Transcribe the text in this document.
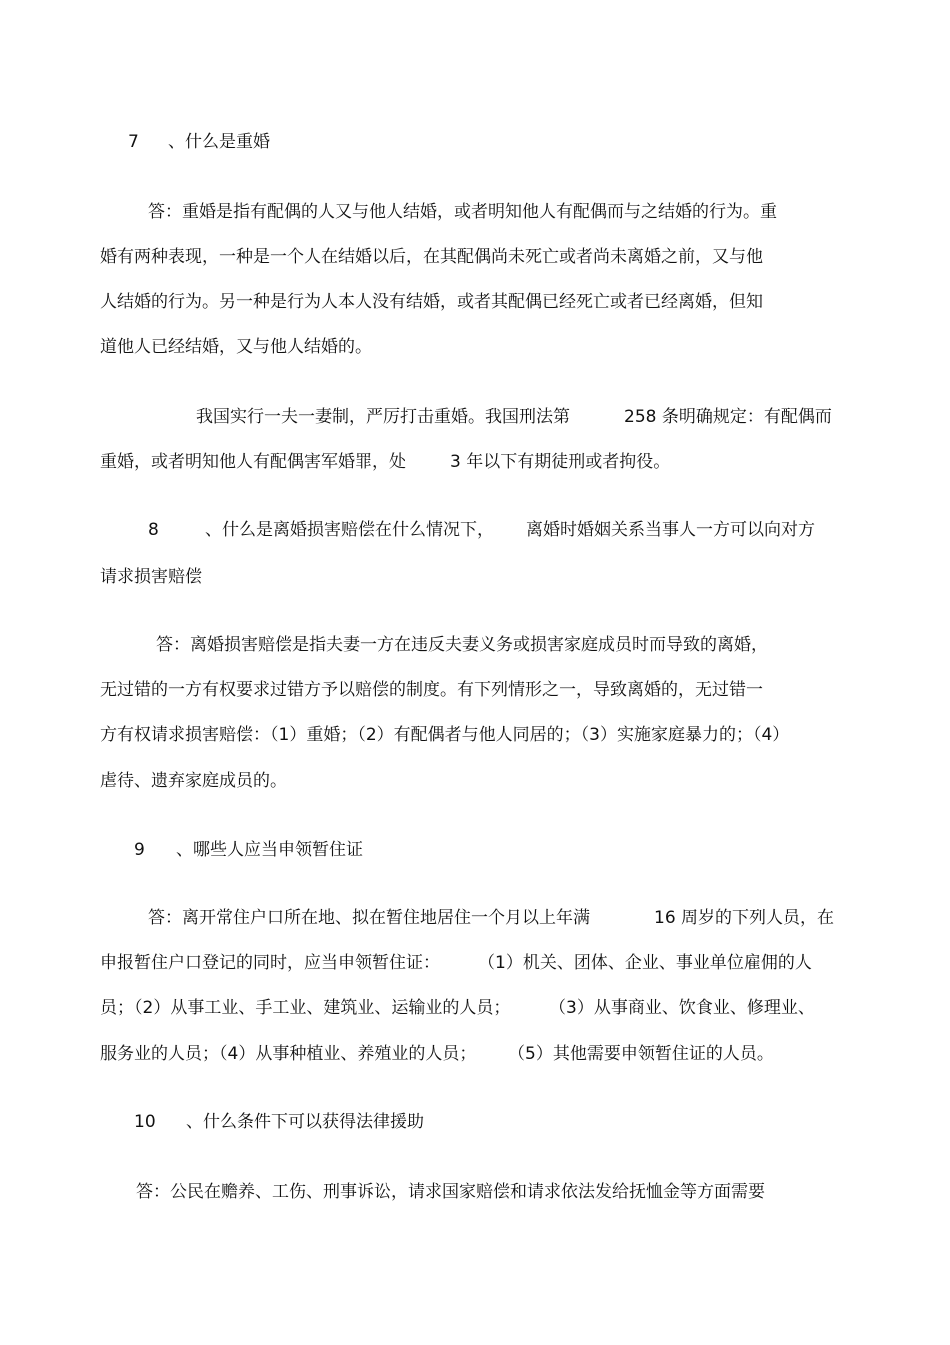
7 、什么是重婚
答：重婚是指有配偶的人又与他人结婚，或者明知他人有配偶而与之结婚的行为。重
婚有两种表现，一种是一个人在结婚以后，在其配偶尚未死亡或者尚未离婚之前，又与他
人结婚的行为。另一种是行为人本人没有结婚，或者其配偶已经死亡或者已经离婚，但知
道他人已经结婚，又与他人结婚的。
我国实行一夫一妻制，严厉打击重婚。我国刑法第	258 条明确规定：有配偶而
重婚，或者明知他人有配偶害军婚罪，处	3 年以下有期徒刑或者拘役。
8	、什么是离婚损害赔偿在什么情况下， 离婚时婚姻关系当事人一方可以向对方
请求损害赔偿
答：离婚损害赔偿是指夫妻一方在违反夫妻义务或损害家庭成员时而导致的离婚，
无过错的一方有权要求过错方予以赔偿的制度。有下列情形之一，导致离婚的，无过错一
方有权请求损害赔偿：（1）重婚；（2）有配偶者与他人同居的；（3）实施家庭暴力的；（4）
虐待、遗弃家庭成员的。
9 、哪些人应当申领暂住证
答：离开常住户口所在地、拟在暂住地居住一个月以上年满	16 周岁的下列人员，在
申报暂住户口登记的同时，应当申领暂住证： （1）机关、团体、企业、事业单位雇佣的人
员；（2）从事工业、手工业、建筑业、运输业的人员； （3）从事商业、饮食业、修理业、
服务业的人员；（4）从事种植业、养殖业的人员； （5）其他需要申领暂住证的人员。
10 、什么条件下可以获得法律援助
答：公民在赡养、工伤、刑事诉讼，请求国家赔偿和请求依法发给抚恤金等方面需要
